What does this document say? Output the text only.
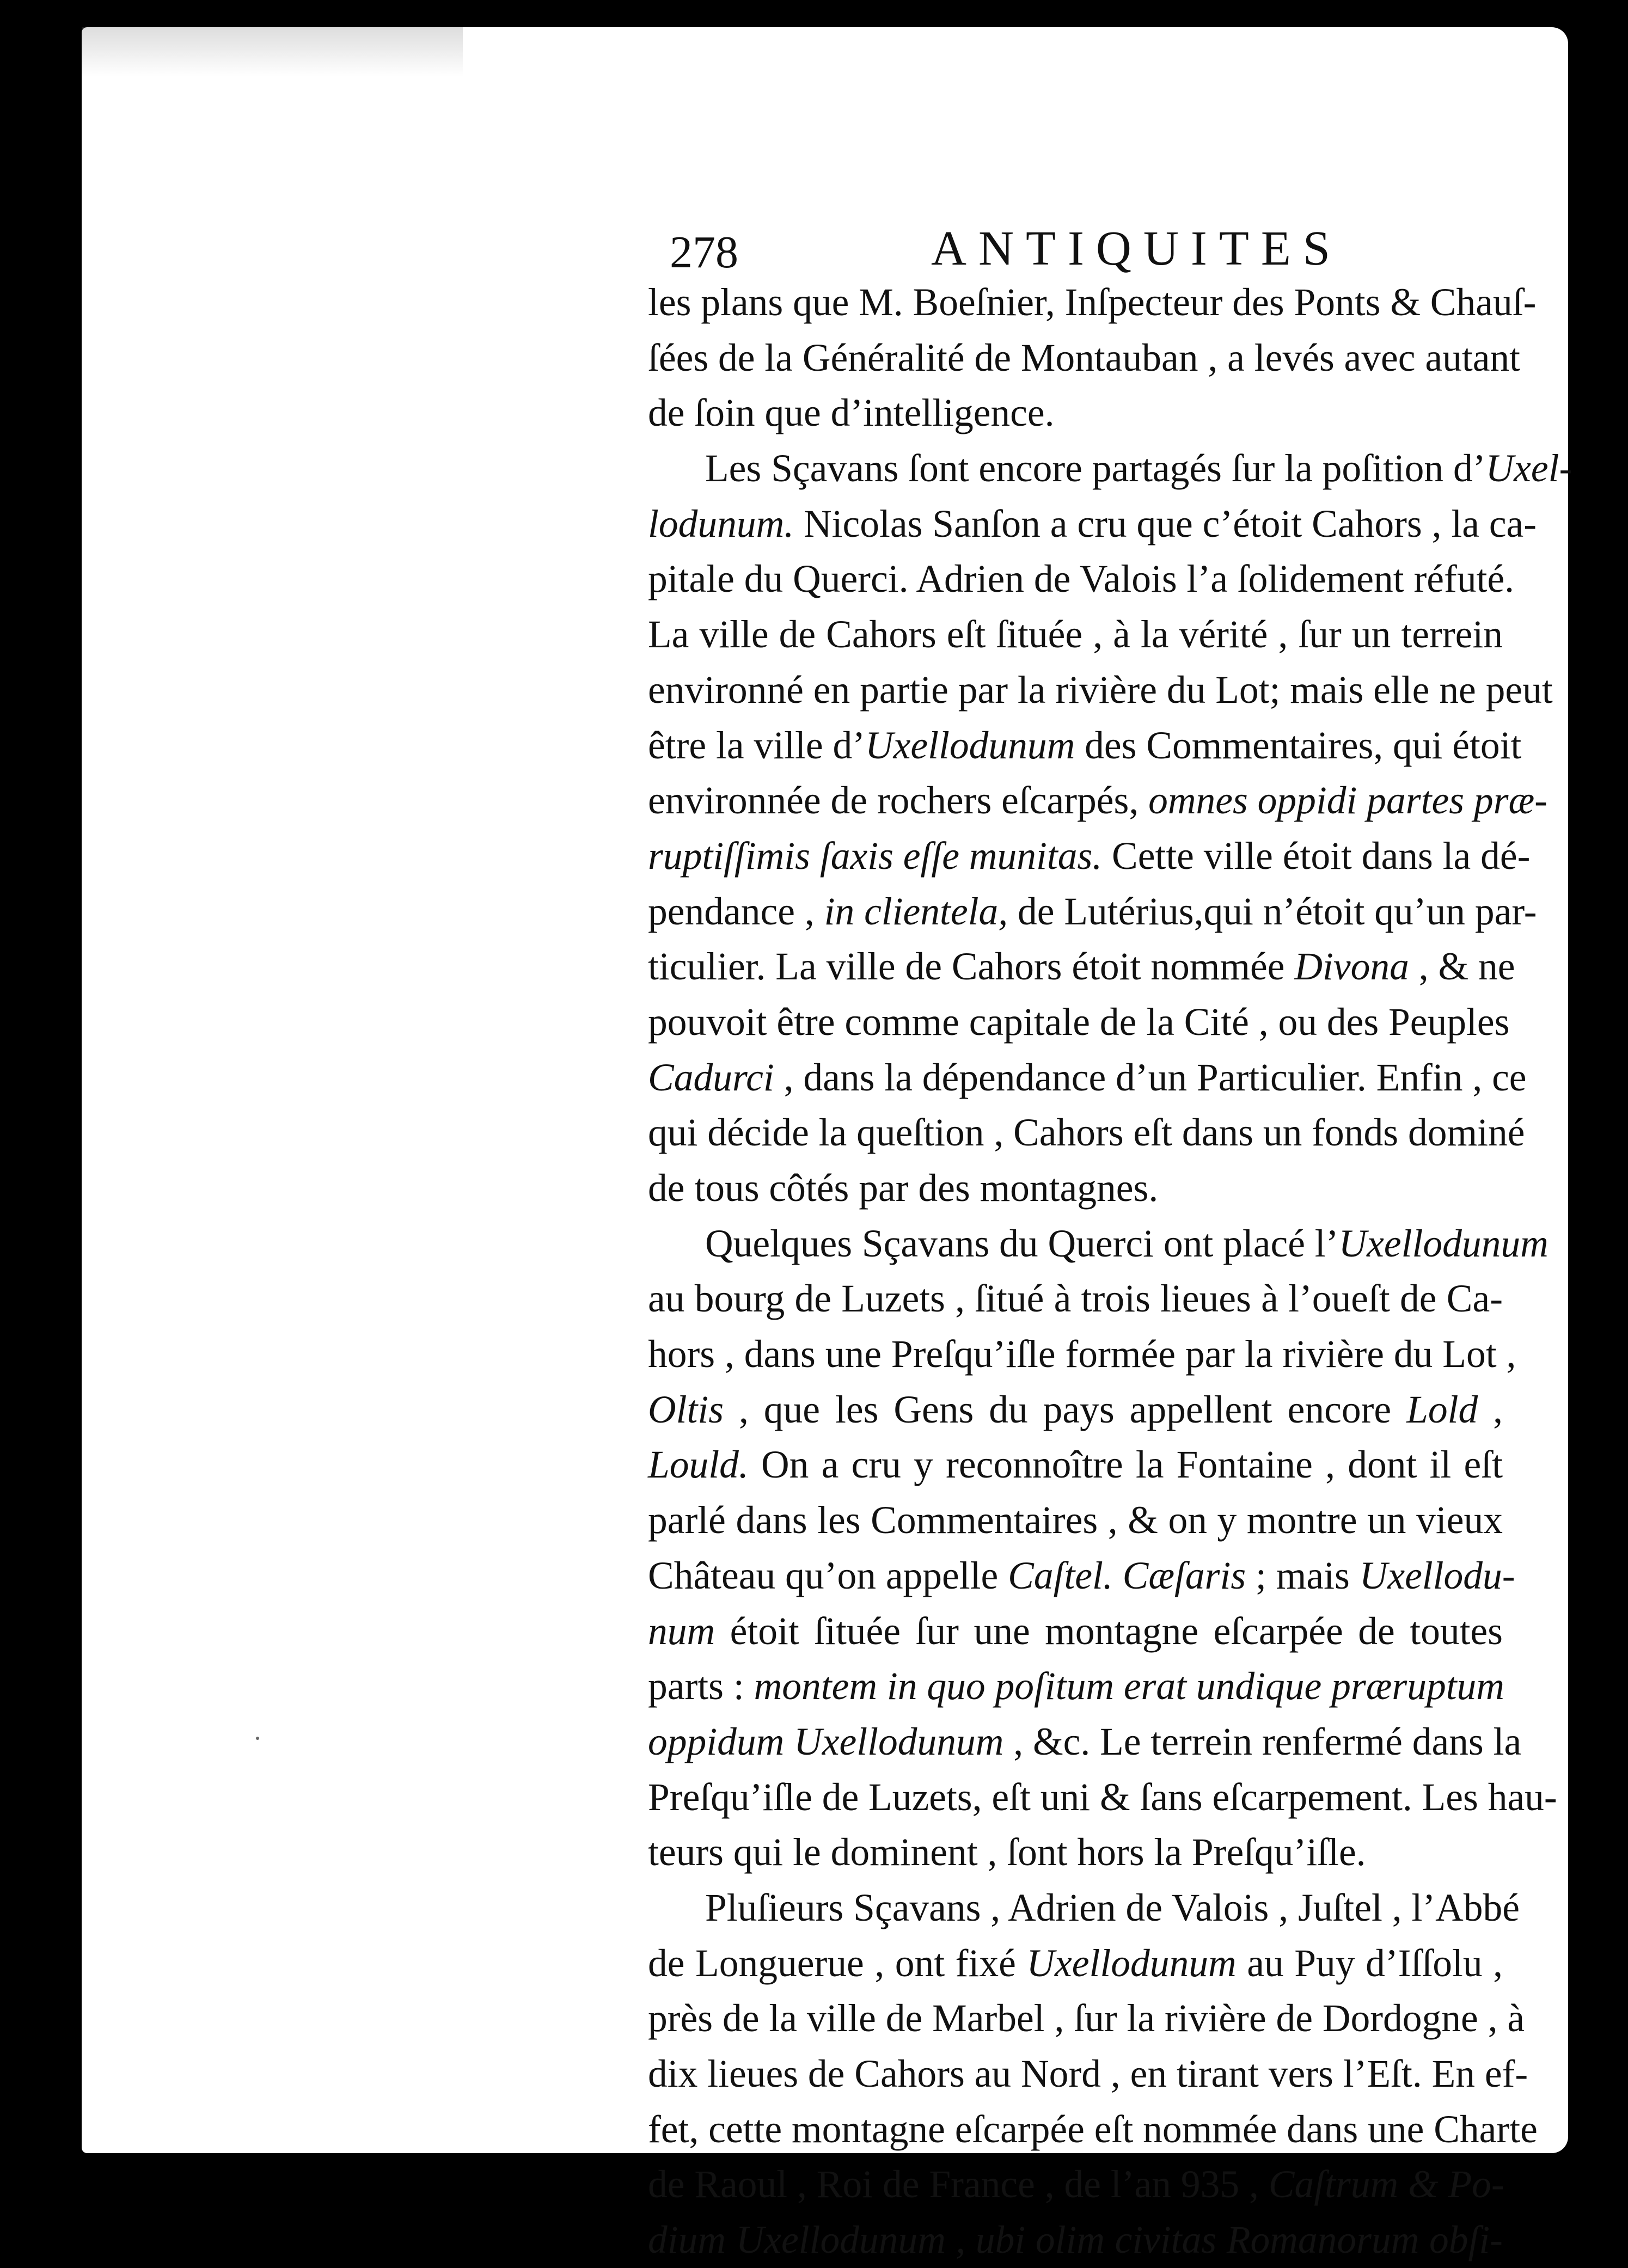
278	ANTIQUITES
les plans que M. Boeſnier, Inſpecteur des Ponts & Chauſ-
ſées de la Généralité de Montauban , a levés avec autant
de ſoin que d’intelligence.
Les Sçavans ſont encore partagés ſur la poſition d’Uxel-
lodunum. Nicolas Sanſon a cru que c’étoit Cahors , la ca-
pitale du Querci. Adrien de Valois l’a ſolidement réfuté.
La ville de Cahors eſt ſituée , à la vérité , ſur un terrein
environné en partie par la rivière du Lot; mais elle ne peut
être la ville d’Uxellodunum des Commentaires, qui étoit
environnée de rochers eſcarpés, omnes oppidi partes præ-
ruptiſſimis ſaxis eſſe munitas. Cette ville étoit dans la dé-
pendance , in clientela, de Lutérius,qui n’étoit qu’un par-
ticulier. La ville de Cahors étoit nommée Divona , & ne
pouvoit être comme capitale de la Cité , ou des Peuples
Cadurci , dans la dépendance d’un Particulier. Enfin , ce
qui décide la queſtion , Cahors eſt dans un fonds dominé
de tous côtés par des montagnes.
Quelques Sçavans du Querci ont placé l’Uxellodunum
au bourg de Luzets , ſitué à trois lieues à l’oueſt de Ca-
hors , dans une Preſqu’iſle formée par la rivière du Lot ,
Oltis , que les Gens du pays appellent encore Lold ,
Lould. On a cru y reconnoître la Fontaine , dont il eſt
parlé dans les Commentaires , & on y montre un vieux
Château qu’on appelle Caſtel. Cæſaris ; mais Uxellodu-
num étoit ſituée ſur une montagne eſcarpée de toutes
parts : montem in quo poſitum erat undique præruptum
oppidum Uxellodunum , &c. Le terrein renfermé dans la
Preſqu’iſle de Luzets, eſt uni & ſans eſcarpement. Les hau-
teurs qui le dominent , ſont hors la Preſqu’iſle.
Pluſieurs Sçavans , Adrien de Valois , Juſtel , l’Abbé
de Longuerue , ont fixé Uxellodunum au Puy d’Iſſolu ,
près de la ville de Marbel , ſur la rivière de Dordogne , à
dix lieues de Cahors au Nord , en tirant vers l’Eſt. En ef-
fet, cette montagne eſcarpée eſt nommée dans une Charte
de Raoul , Roi de France , de l’an 935 , Caſtrum & Po-
dium Uxellodunum , ubi olim civitas Romanorum obſi-
